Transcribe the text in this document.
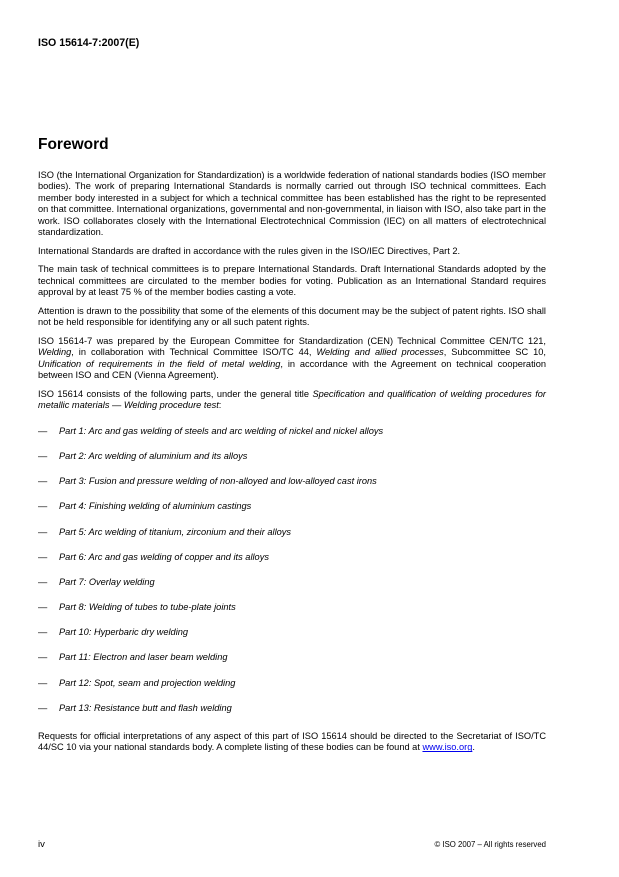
ISO 15614-7:2007(E)
Foreword

ISO (the International Organization for Standardization) is a worldwide federation of national standards bodies (ISO member bodies). The work of preparing International Standards is normally carried out through ISO technical committees. Each member body interested in a subject for which a technical committee has been established has the right to be represented on that committee. International organizations, governmental and non-governmental, in liaison with ISO, also take part in the work. ISO collaborates closely with the International Electrotechnical Commission (IEC) on all matters of electrotechnical standardization.

International Standards are drafted in accordance with the rules given in the ISO/IEC Directives, Part 2.

The main task of technical committees is to prepare International Standards. Draft International Standards adopted by the technical committees are circulated to the member bodies for voting. Publication as an International Standard requires approval by at least 75 % of the member bodies casting a vote.

Attention is drawn to the possibility that some of the elements of this document may be the subject of patent rights. ISO shall not be held responsible for identifying any or all such patent rights.

ISO 15614-7 was prepared by the European Committee for Standardization (CEN) Technical Committee CEN/TC 121, Welding, in collaboration with Technical Committee ISO/TC 44, Welding and allied processes, Subcommittee SC 10, Unification of requirements in the field of metal welding, in accordance with the Agreement on technical cooperation between ISO and CEN (Vienna Agreement).

ISO 15614 consists of the following parts, under the general title Specification and qualification of welding procedures for metallic materials — Welding procedure test:

—	Part 1: Arc and gas welding of steels and arc welding of nickel and nickel alloys
—	Part 2: Arc welding of aluminium and its alloys
—	Part 3: Fusion and pressure welding of non-alloyed and low-alloyed cast irons
—	Part 4: Finishing welding of aluminium castings
—	Part 5: Arc welding of titanium, zirconium and their alloys
—	Part 6: Arc and gas welding of copper and its alloys
—	Part 7: Overlay welding
—	Part 8: Welding of tubes to tube-plate joints
—	Part 10: Hyperbaric dry welding
—	Part 11: Electron and laser beam welding
—	Part 12: Spot, seam and projection welding
—	Part 13: Resistance butt and flash welding

Requests for official interpretations of any aspect of this part of ISO 15614 should be directed to the Secretariat of ISO/TC 44/SC 10 via your national standards body. A complete listing of these bodies can be found at www.iso.org.

iv	© ISO 2007 – All rights reserved
